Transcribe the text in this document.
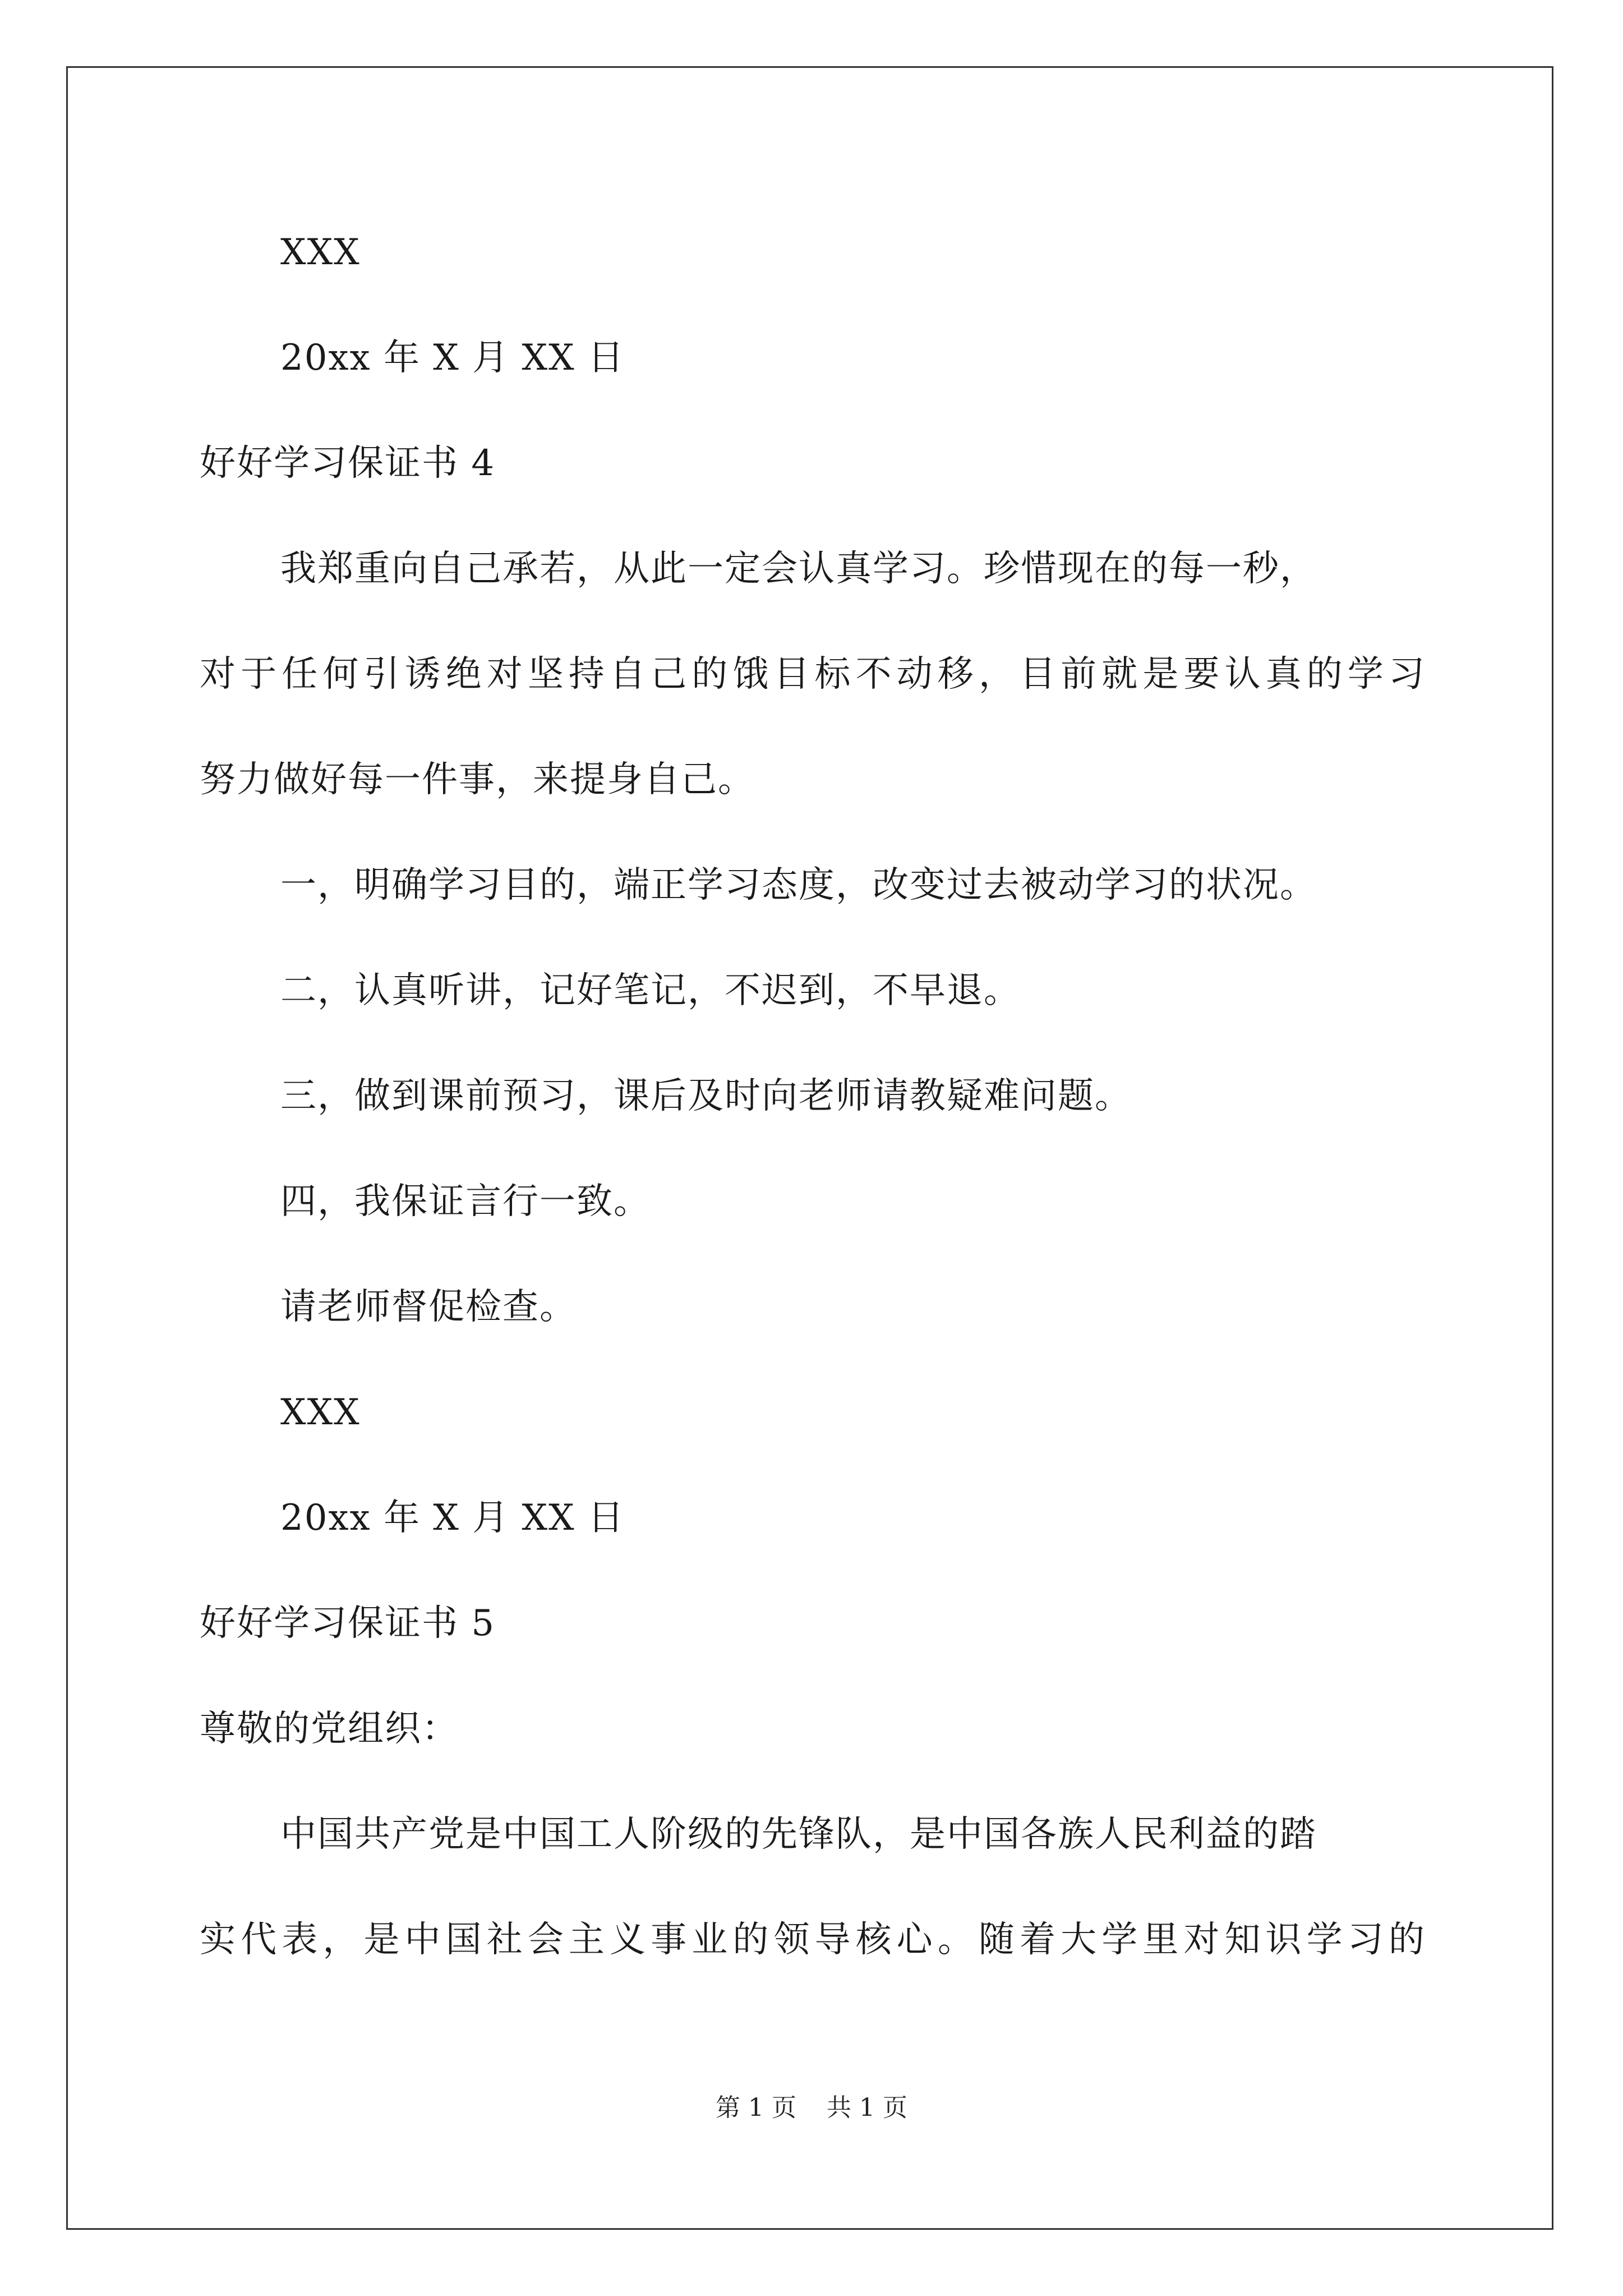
XXX
20xx 年 X 月 XX 日
好好学习保证书 4
我郑重向自己承若，从此一定会认真学习。珍惜现在的每一秒，
对于任何引诱绝对坚持自己的饿目标不动移，目前就是要认真的学习
努力做好每一件事，来提身自己。
一，明确学习目的，端正学习态度，改变过去被动学习的状况。
二，认真听讲，记好笔记，不迟到，不早退。
三，做到课前预习，课后及时向老师请教疑难问题。
四，我保证言行一致。
请老师督促检查。
XXX
20xx 年 X 月 XX 日
好好学习保证书 5
尊敬的党组织：
中国共产党是中国工人阶级的先锋队，是中国各族人民利益的踏
实代表，是中国社会主义事业的领导核心。随着大学里对知识学习的
第 1 页 共 1 页
